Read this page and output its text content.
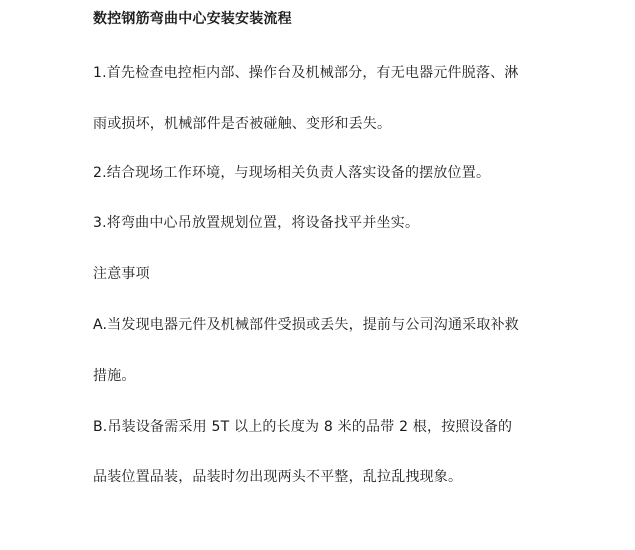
数控钢筋弯曲中心安装安装流程
1.首先检查电控柜内部、操作台及机械部分，有无电器元件脱落、淋
雨或损坏，机械部件是否被碰触、变形和丢失。
2.结合现场工作环境，与现场相关负责人落实设备的摆放位置。
3.将弯曲中心吊放置规划位置，将设备找平并坐实。
注意事项
A.当发现电器元件及机械部件受损或丢失，提前与公司沟通采取补救
措施。
B.吊装设备需采用 5T 以上的长度为 8 米的品带 2 根，按照设备的
品装位置品装，品装时勿出现两头不平整，乱拉乱拽现象。
